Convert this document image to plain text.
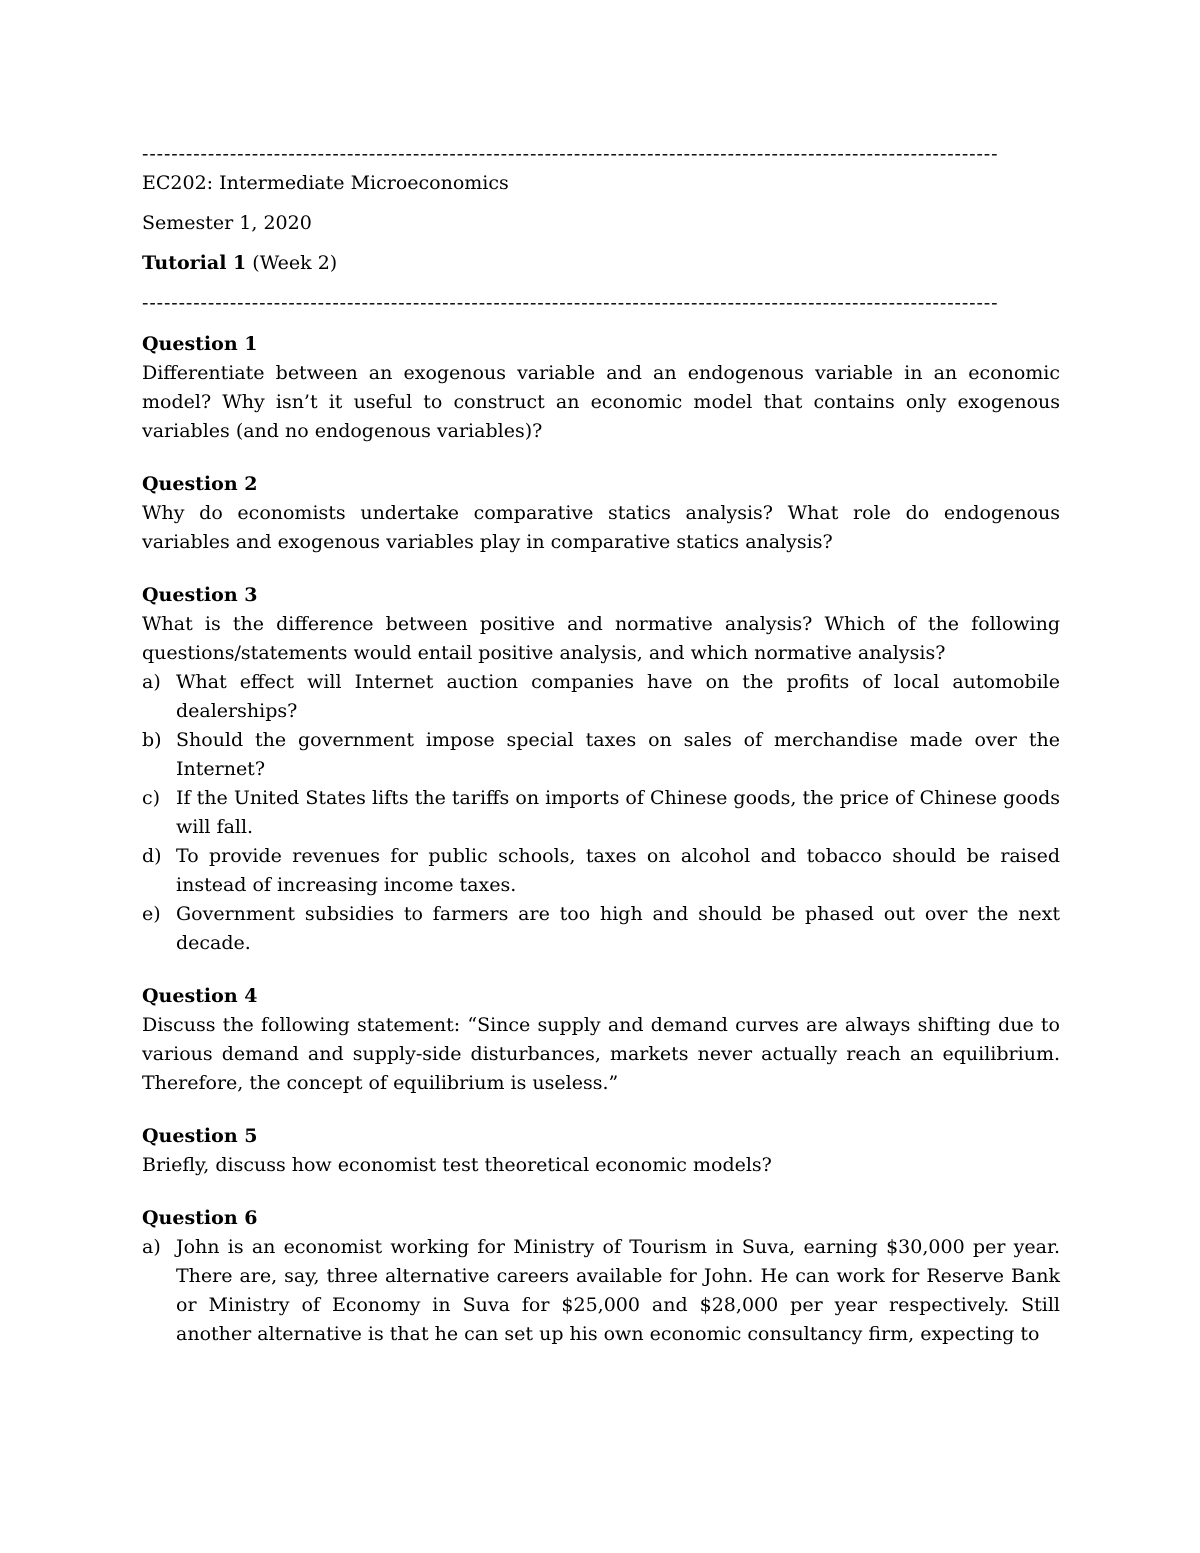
---------------------------------------------------------------------------------------------------------------------

EC202: Intermediate Microeconomics

Semester 1, 2020

Tutorial 1 (Week 2)

---------------------------------------------------------------------------------------------------------------------

Question 1

Differentiate between an exogenous variable and an endogenous variable in an economic model? Why isn’t it useful to construct an economic model that contains only exogenous variables (and no endogenous variables)?

Question 2

Why do economists undertake comparative statics analysis? What role do endogenous variables and exogenous variables play in comparative statics analysis?

Question 3

What is the difference between positive and normative analysis? Which of the following questions/statements would entail positive analysis, and which normative analysis?

a) What effect will Internet auction companies have on the profits of local automobile dealerships?
b) Should the government impose special taxes on sales of merchandise made over the Internet?
c) If the United States lifts the tariffs on imports of Chinese goods, the price of Chinese goods will fall.
d) To provide revenues for public schools, taxes on alcohol and tobacco should be raised instead of increasing income taxes.
e) Government subsidies to farmers are too high and should be phased out over the next decade.

Question 4

Discuss the following statement: “Since supply and demand curves are always shifting due to various demand and supply-side disturbances, markets never actually reach an equilibrium. Therefore, the concept of equilibrium is useless.”

Question 5

Briefly, discuss how economist test theoretical economic models?

Question 6

a) John is an economist working for Ministry of Tourism in Suva, earning $30,000 per year. There are, say, three alternative careers available for John. He can work for Reserve Bank or Ministry of Economy in Suva for $25,000 and $28,000 per year respectively. Still another alternative is that he can set up his own economic consultancy firm, expecting to
